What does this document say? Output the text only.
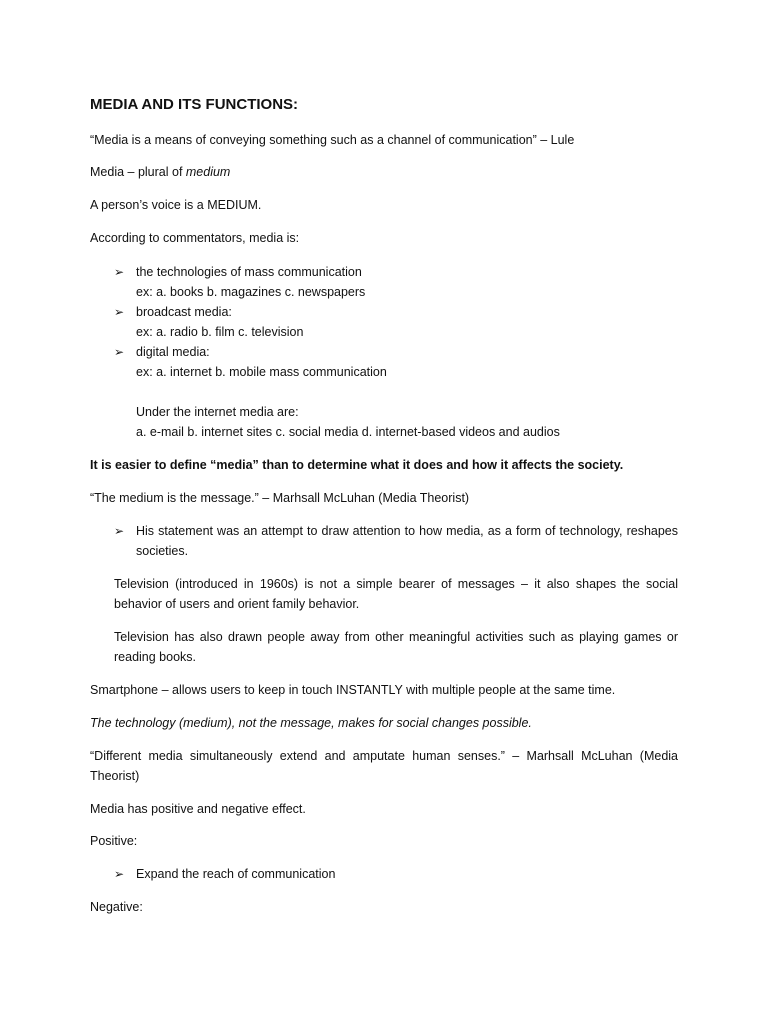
MEDIA AND ITS FUNCTIONS:
“Media is a means of conveying something such as a channel of communication” – Lule
Media – plural of medium
A person’s voice is a MEDIUM.
According to commentators, media is:
➢ the technologies of mass communication
ex: a. books b. magazines c. newspapers
➢ broadcast media:
ex: a. radio b. film c. television
➢ digital media:
ex: a. internet b. mobile mass communication
Under the internet media are:
a. e-mail b. internet sites c. social media d. internet-based videos and audios
It is easier to define “media” than to determine what it does and how it affects the society.
“The medium is the message.” – Marhsall McLuhan (Media Theorist)
➢ His statement was an attempt to draw attention to how media, as a form of technology, reshapes societies.
Television (introduced in 1960s) is not a simple bearer of messages – it also shapes the social behavior of users and orient family behavior.
Television has also drawn people away from other meaningful activities such as playing games or reading books.
Smartphone – allows users to keep in touch INSTANTLY with multiple people at the same time.
The technology (medium), not the message, makes for social changes possible.
“Different media simultaneously extend and amputate human senses.” – Marhsall McLuhan (Media Theorist)
Media has positive and negative effect.
Positive:
➢ Expand the reach of communication
Negative:
